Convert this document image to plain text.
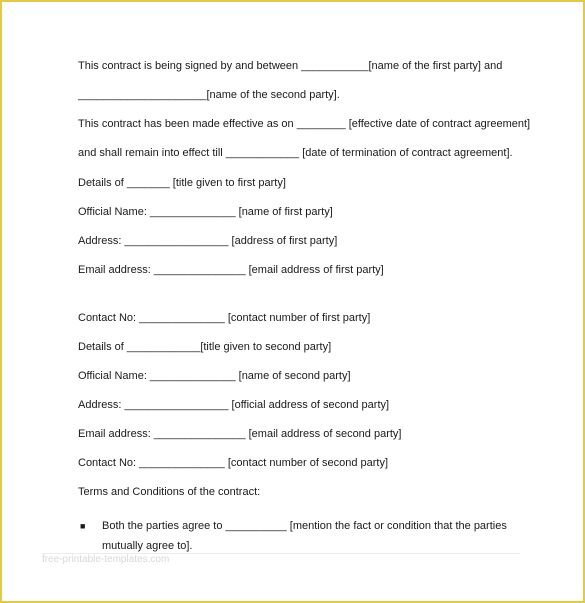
This contract is being signed by and between ___________[name of the first party] and
_____________________[name of the second party].
This contract has been made effective as on ________ [effective date of contract agreement]
and shall remain into effect till ____________ [date of termination of contract agreement].
Details of _______ [title given to first party]
Official Name: ______________ [name of first party]
Address: _________________ [address of first party]
Email address: _______________ [email address of first party]
Contact No: ______________ [contact number of first party]
Details of ____________[title given to second party]
Official Name: ______________ [name of second party]
Address: _________________ [official address of second party]
Email address: _______________ [email address of second party]
Contact No: ______________ [contact number of second party]
Terms and Conditions of the contract:
■ Both the parties agree to __________ [mention the fact or condition that the parties mutually agree to].
free-printable-templates.com
